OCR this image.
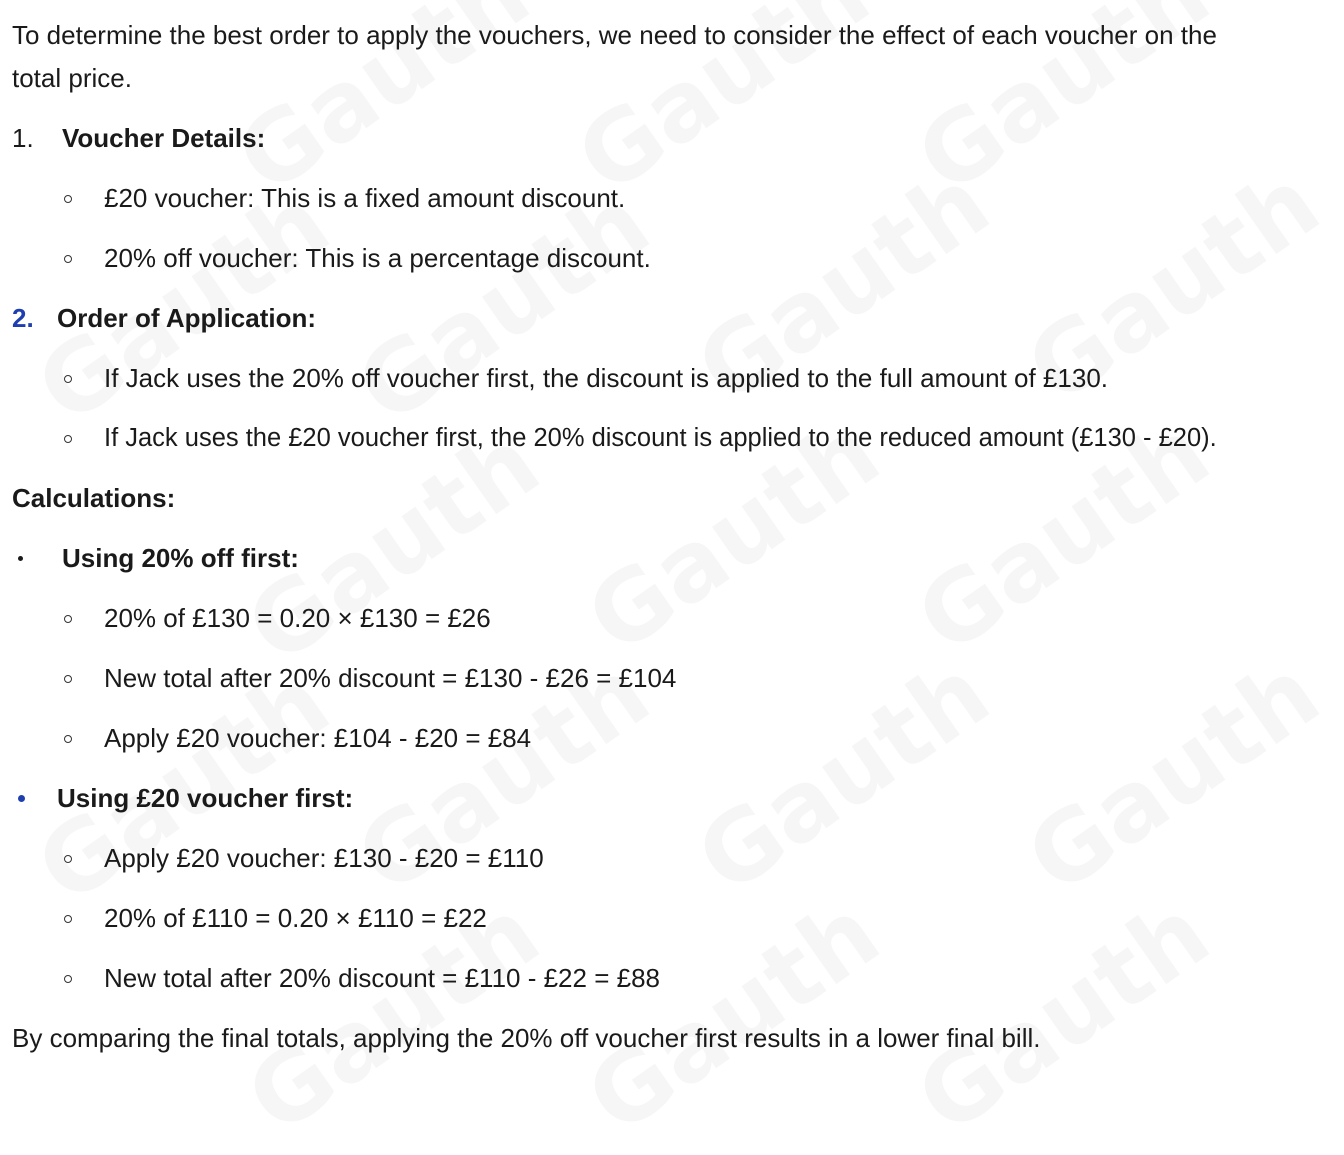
To determine the best order to apply the vouchers, we need to consider the effect of each voucher on the
total price.
1. Voucher Details:
£20 voucher: This is a fixed amount discount.
20% off voucher: This is a percentage discount.
2. Order of Application:
If Jack uses the 20% off voucher first, the discount is applied to the full amount of £130.
If Jack uses the £20 voucher first, the 20% discount is applied to the reduced amount (£130 - £20).
Calculations:
Using 20% off first:
20% of £130 = 0.20 × £130 = £26
New total after 20% discount = £130 - £26 = £104
Apply £20 voucher: £104 - £20 = £84
Using £20 voucher first:
Apply £20 voucher: £130 - £20 = £110
20% of £110 = 0.20 × £110 = £22
New total after 20% discount = £110 - £22 = £88
By comparing the final totals, applying the 20% off voucher first results in a lower final bill.
